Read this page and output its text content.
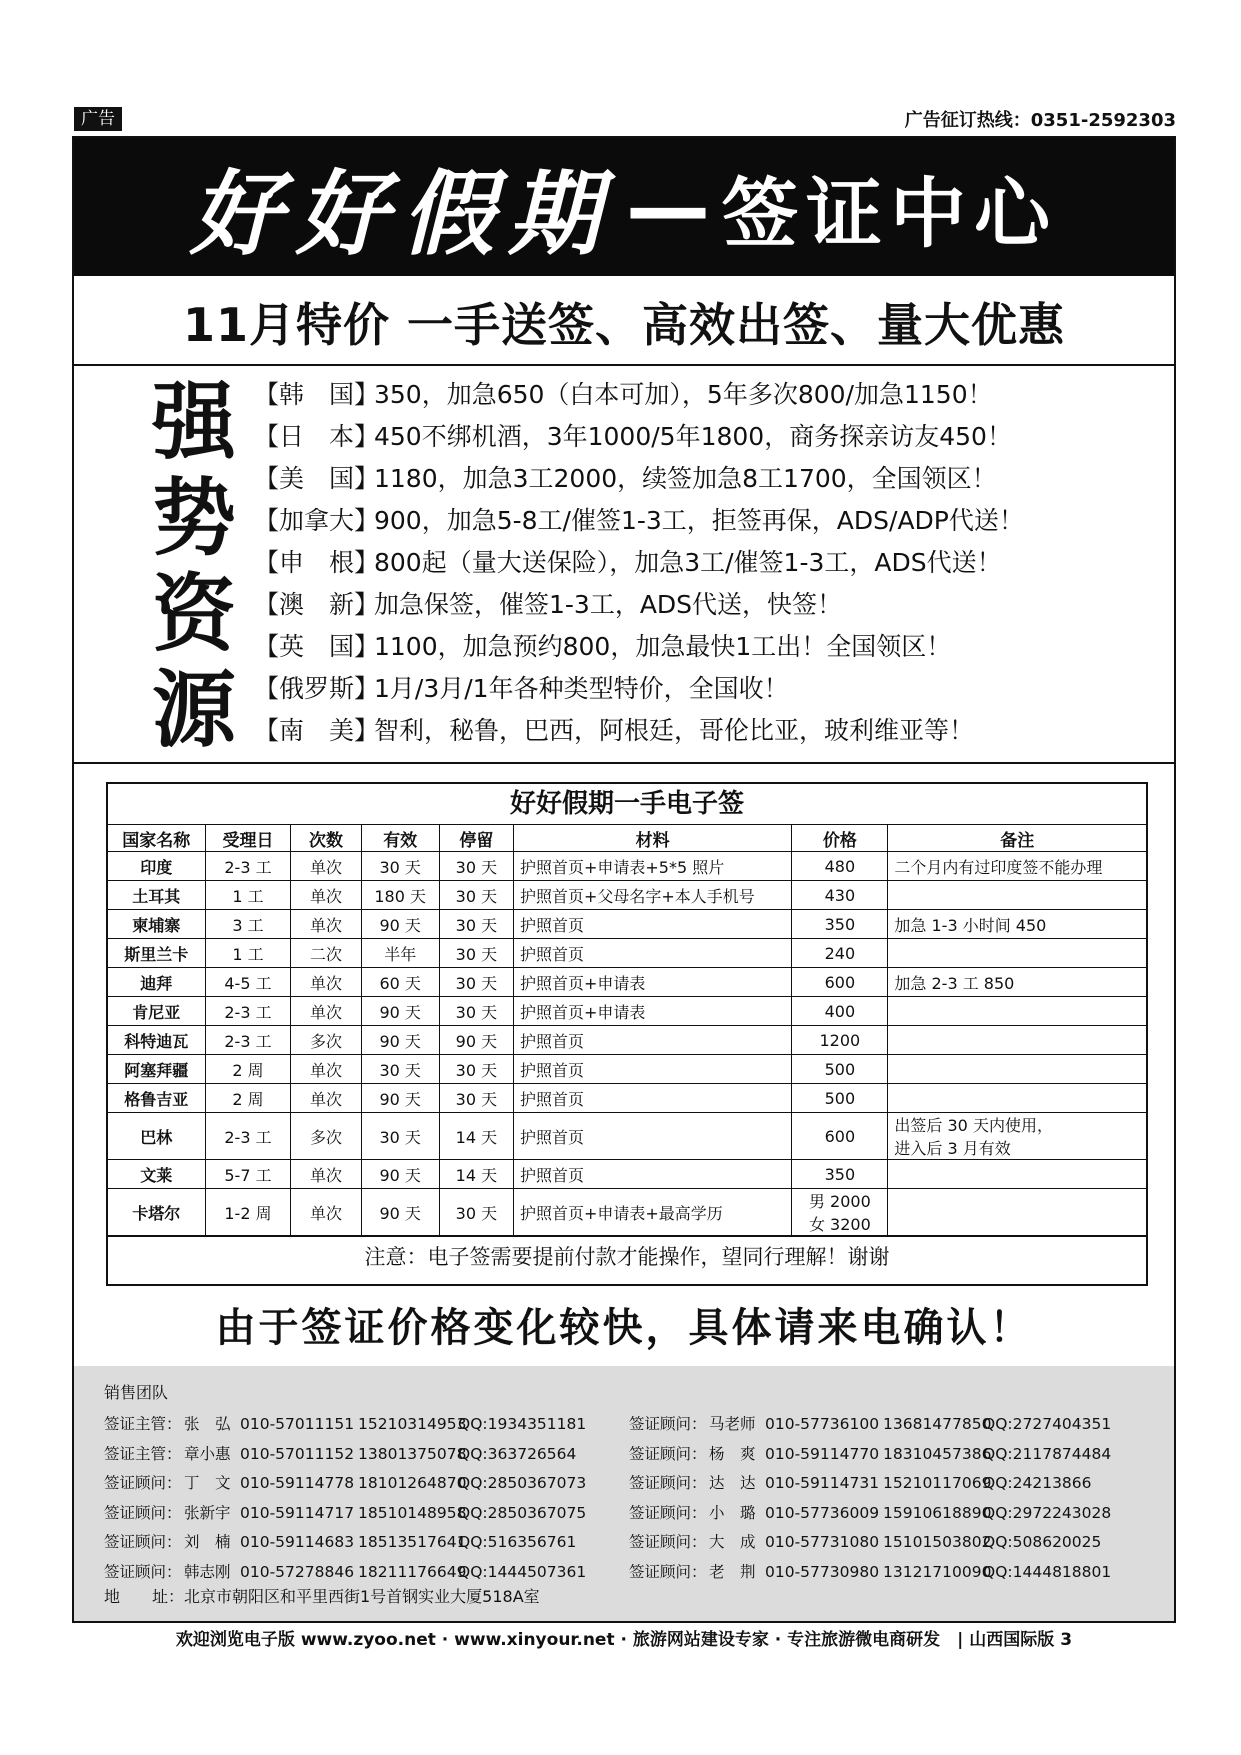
广告	广告征订热线：0351-2592303
好好假期 — 签证中心
11月特价 一手送签、高效出签、量大优惠
强
势
资
源
【韩　国】350，加急650（白本可加），5年多次800/加急1150！
【日　本】450不绑机酒，3年1000/5年1800，商务探亲访友450！
【美　国】1180，加急3工2000，续签加急8工1700，全国领区！
【加拿大】900，加急5-8工/催签1-3工，拒签再保，ADS/ADP代送！
【申　根】800起（量大送保险），加急3工/催签1-3工，ADS代送！
【澳　新】加急保签，催签1-3工，ADS代送，快签！
【英　国】1100，加急预约800，加急最快1工出！全国领区！
【俄罗斯】1月/3月/1年各种类型特价，全国收！
【南　美】智利，秘鲁，巴西，阿根廷，哥伦比亚，玻利维亚等！
好好假期一手电子签
国家名称	受理日	次数	有效	停留	材料	价格	备注
印度	2-3 工	单次	30 天	30 天	护照首页+申请表+5*5 照片	480	二个月内有过印度签不能办理

土耳其	1 工	单次	180 天	30 天	护照首页+父母名字+本人手机号	430	

柬埔寨	3 工	单次	90 天	30 天	护照首页	350	加急 1-3 小时间 450

斯里兰卡	1 工	二次	半年	30 天	护照首页	240	

迪拜	4-5 工	单次	60 天	30 天	护照首页+申请表	600	加急 2-3 工 850

肯尼亚	2-3 工	单次	90 天	30 天	护照首页+申请表	400	

科特迪瓦	2-3 工	多次	90 天	90 天	护照首页	1200	

阿塞拜疆	2 周	单次	30 天	30 天	护照首页	500	

格鲁吉亚	2 周	单次	90 天	30 天	护照首页	500	

巴林	2-3 工	多次	30 天	14 天	护照首页	600	出签后 30 天内使用，
进入后 3 月有效

文莱	5-7 工	单次	90 天	14 天	护照首页	350	

卡塔尔	1-2 周	单次	90 天	30 天	护照首页+申请表+最高学历	男 2000
女 3200	

注意：电子签需要提前付款才能操作，望同行理解！谢谢
由于签证价格变化较快，具体请来电确认！
销售团队
签证主管： 张　弘 010-57011151 15210314953QQ:1934351181
签证主管： 章小惠 010-57011152 13801375078QQ:363726564
签证顾问： 丁　文 010-59114778 18101264870QQ:2850367073
签证顾问： 张新宇 010-59114717 18510148958QQ:2850367075
签证顾问： 刘　楠 010-59114683 18513517641QQ:516356761
签证顾问： 韩志刚 010-57278846 18211176649QQ:1444507361
签证顾问： 马老师 010-57736100 13681477850QQ:2727404351
签证顾问： 杨　爽 010-59114770 18310457386QQ:2117874484
签证顾问： 达　达 010-59114731 15210117069QQ:24213866
签证顾问： 小　璐 010-57736009 15910618890QQ:2972243028
签证顾问： 大　成 010-57731080 15101503802QQ:508620025
签证顾问： 老　荆 010-57730980 13121710090QQ:1444818801
地　　址：北京市朝阳区和平里西街1号首钢实业大厦518A室
欢迎浏览电子版 www.zyoo.net · www.xinyour.net · 旅游网站建设专家 · 专注旅游微电商研发　| 山西国际版 3
